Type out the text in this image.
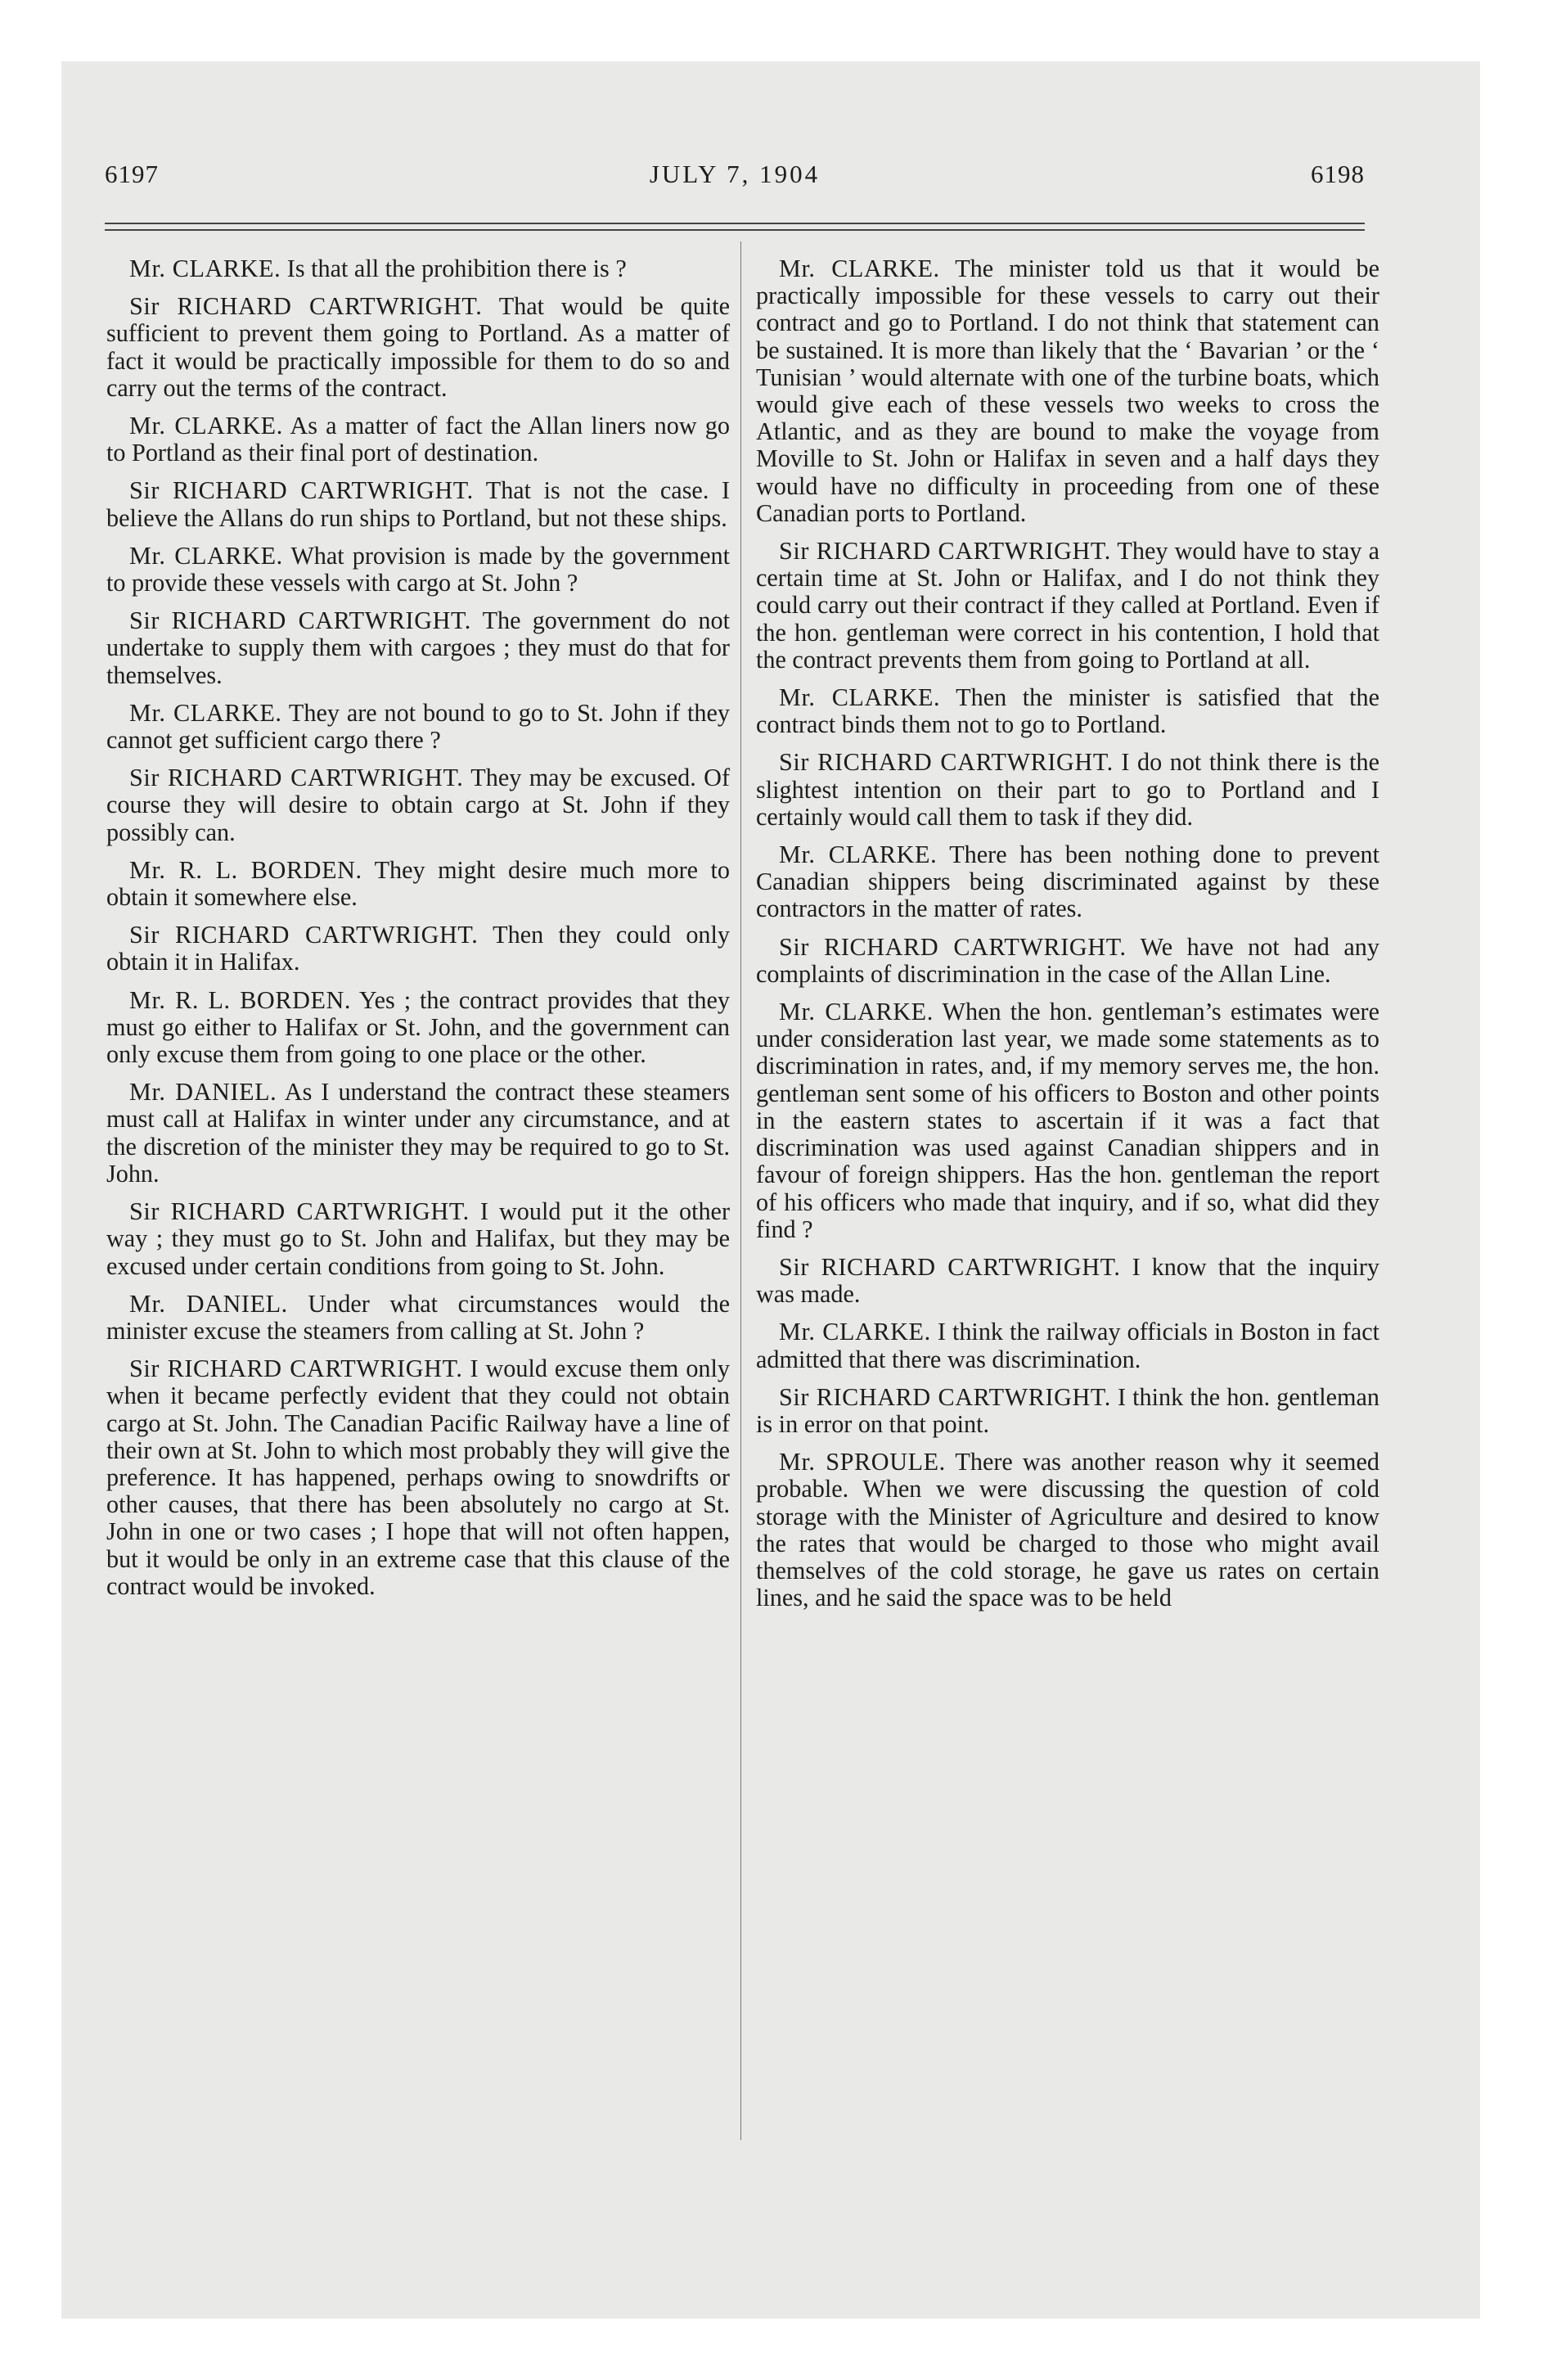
6197	JULY 7, 1904	6198

Mr. CLARKE. Is that all the prohibition there is ?

Sir RICHARD CARTWRIGHT. That would be quite sufficient to prevent them going to Portland. As a matter of fact it would be practically impossible for them to do so and carry out the terms of the contract.

Mr. CLARKE. As a matter of fact the Allan liners now go to Portland as their final port of destination.

Sir RICHARD CARTWRIGHT. That is not the case. I believe the Allans do run ships to Portland, but not these ships.

Mr. CLARKE. What provision is made by the government to provide these vessels with cargo at St. John ?

Sir RICHARD CARTWRIGHT. The government do not undertake to supply them with cargoes ; they must do that for themselves.

Mr. CLARKE. They are not bound to go to St. John if they cannot get sufficient cargo there ?

Sir RICHARD CARTWRIGHT. They may be excused. Of course they will desire to obtain cargo at St. John if they possibly can.

Mr. R. L. BORDEN. They might desire much more to obtain it somewhere else.

Sir RICHARD CARTWRIGHT. Then they could only obtain it in Halifax.

Mr. R. L. BORDEN. Yes ; the contract provides that they must go either to Halifax or St. John, and the government can only excuse them from going to one place or the other.

Mr. DANIEL. As I understand the contract these steamers must call at Halifax in winter under any circumstance, and at the discretion of the minister they may be required to go to St. John.

Sir RICHARD CARTWRIGHT. I would put it the other way ; they must go to St. John and Halifax, but they may be excused under certain conditions from going to St. John.

Mr. DANIEL. Under what circumstances would the minister excuse the steamers from calling at St. John ?

Sir RICHARD CARTWRIGHT. I would excuse them only when it became perfectly evident that they could not obtain cargo at St. John. The Canadian Pacific Railway have a line of their own at St. John to which most probably they will give the preference. It has happened, perhaps owing to snowdrifts or other causes, that there has been absolutely no cargo at St. John in one or two cases ; I hope that will not often happen, but it would be only in an extreme case that this clause of the contract would be invoked.

Mr. CLARKE. The minister told us that it would be practically impossible for these vessels to carry out their contract and go to Portland. I do not think that statement can be sustained. It is more than likely that the ‘ Bavarian ’ or the ‘ Tunisian ’ would alternate with one of the turbine boats, which would give each of these vessels two weeks to cross the Atlantic, and as they are bound to make the voyage from Moville to St. John or Halifax in seven and a half days they would have no difficulty in proceeding from one of these Canadian ports to Portland.

Sir RICHARD CARTWRIGHT. They would have to stay a certain time at St. John or Halifax, and I do not think they could carry out their contract if they called at Portland. Even if the hon. gentleman were correct in his contention, I hold that the contract prevents them from going to Portland at all.

Mr. CLARKE. Then the minister is satisfied that the contract binds them not to go to Portland.

Sir RICHARD CARTWRIGHT. I do not think there is the slightest intention on their part to go to Portland and I certainly would call them to task if they did.

Mr. CLARKE. There has been nothing done to prevent Canadian shippers being discriminated against by these contractors in the matter of rates.

Sir RICHARD CARTWRIGHT. We have not had any complaints of discrimination in the case of the Allan Line.

Mr. CLARKE. When the hon. gentleman’s estimates were under consideration last year, we made some statements as to discrimination in rates, and, if my memory serves me, the hon. gentleman sent some of his officers to Boston and other points in the eastern states to ascertain if it was a fact that discrimination was used against Canadian shippers and in favour of foreign shippers. Has the hon. gentleman the report of his officers who made that inquiry, and if so, what did they find ?

Sir RICHARD CARTWRIGHT. I know that the inquiry was made.

Mr. CLARKE. I think the railway officials in Boston in fact admitted that there was discrimination.

Sir RICHARD CARTWRIGHT. I think the hon. gentleman is in error on that point.

Mr. SPROULE. There was another reason why it seemed probable. When we were discussing the question of cold storage with the Minister of Agriculture and desired to know the rates that would be charged to those who might avail themselves of the cold storage, he gave us rates on certain lines, and he said the space was to be held
